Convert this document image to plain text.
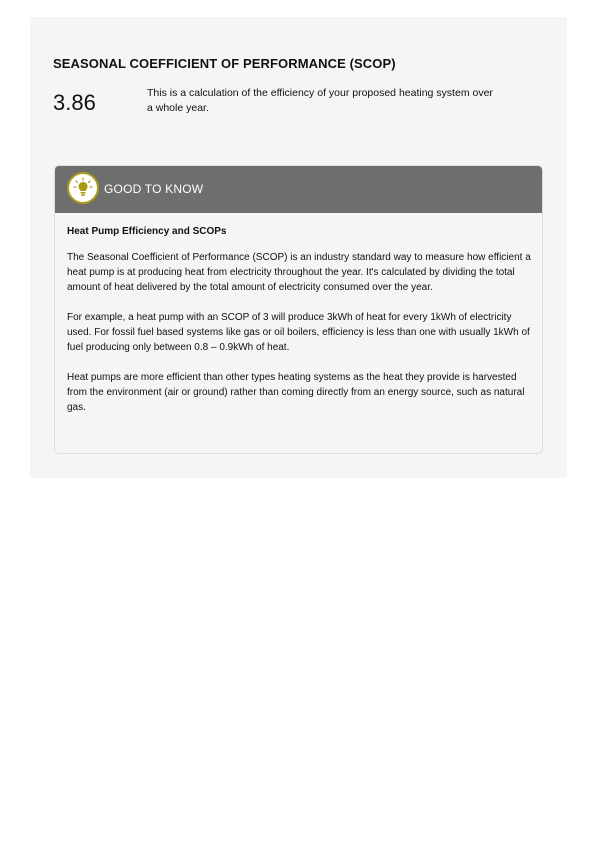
SEASONAL COEFFICIENT OF PERFORMANCE (SCOP)
3.86	This is a calculation of the efficiency of your proposed heating system over a whole year.
GOOD TO KNOW
Heat Pump Efficiency and SCOPs

The Seasonal Coefficient of Performance (SCOP) is an industry standard way to measure how efficient a heat pump is at producing heat from electricity throughout the year. It's calculated by dividing the total amount of heat delivered by the total amount of electricity consumed over the year.

For example, a heat pump with an SCOP of 3 will produce 3kWh of heat for every 1kWh of electricity used. For fossil fuel based systems like gas or oil boilers, efficiency is less than one with usually 1kWh of fuel producing only between 0.8 – 0.9kWh of heat.

Heat pumps are more efficient than other types heating systems as the heat they provide is harvested from the environment (air or ground) rather than coming directly from an energy source, such as natural gas.
